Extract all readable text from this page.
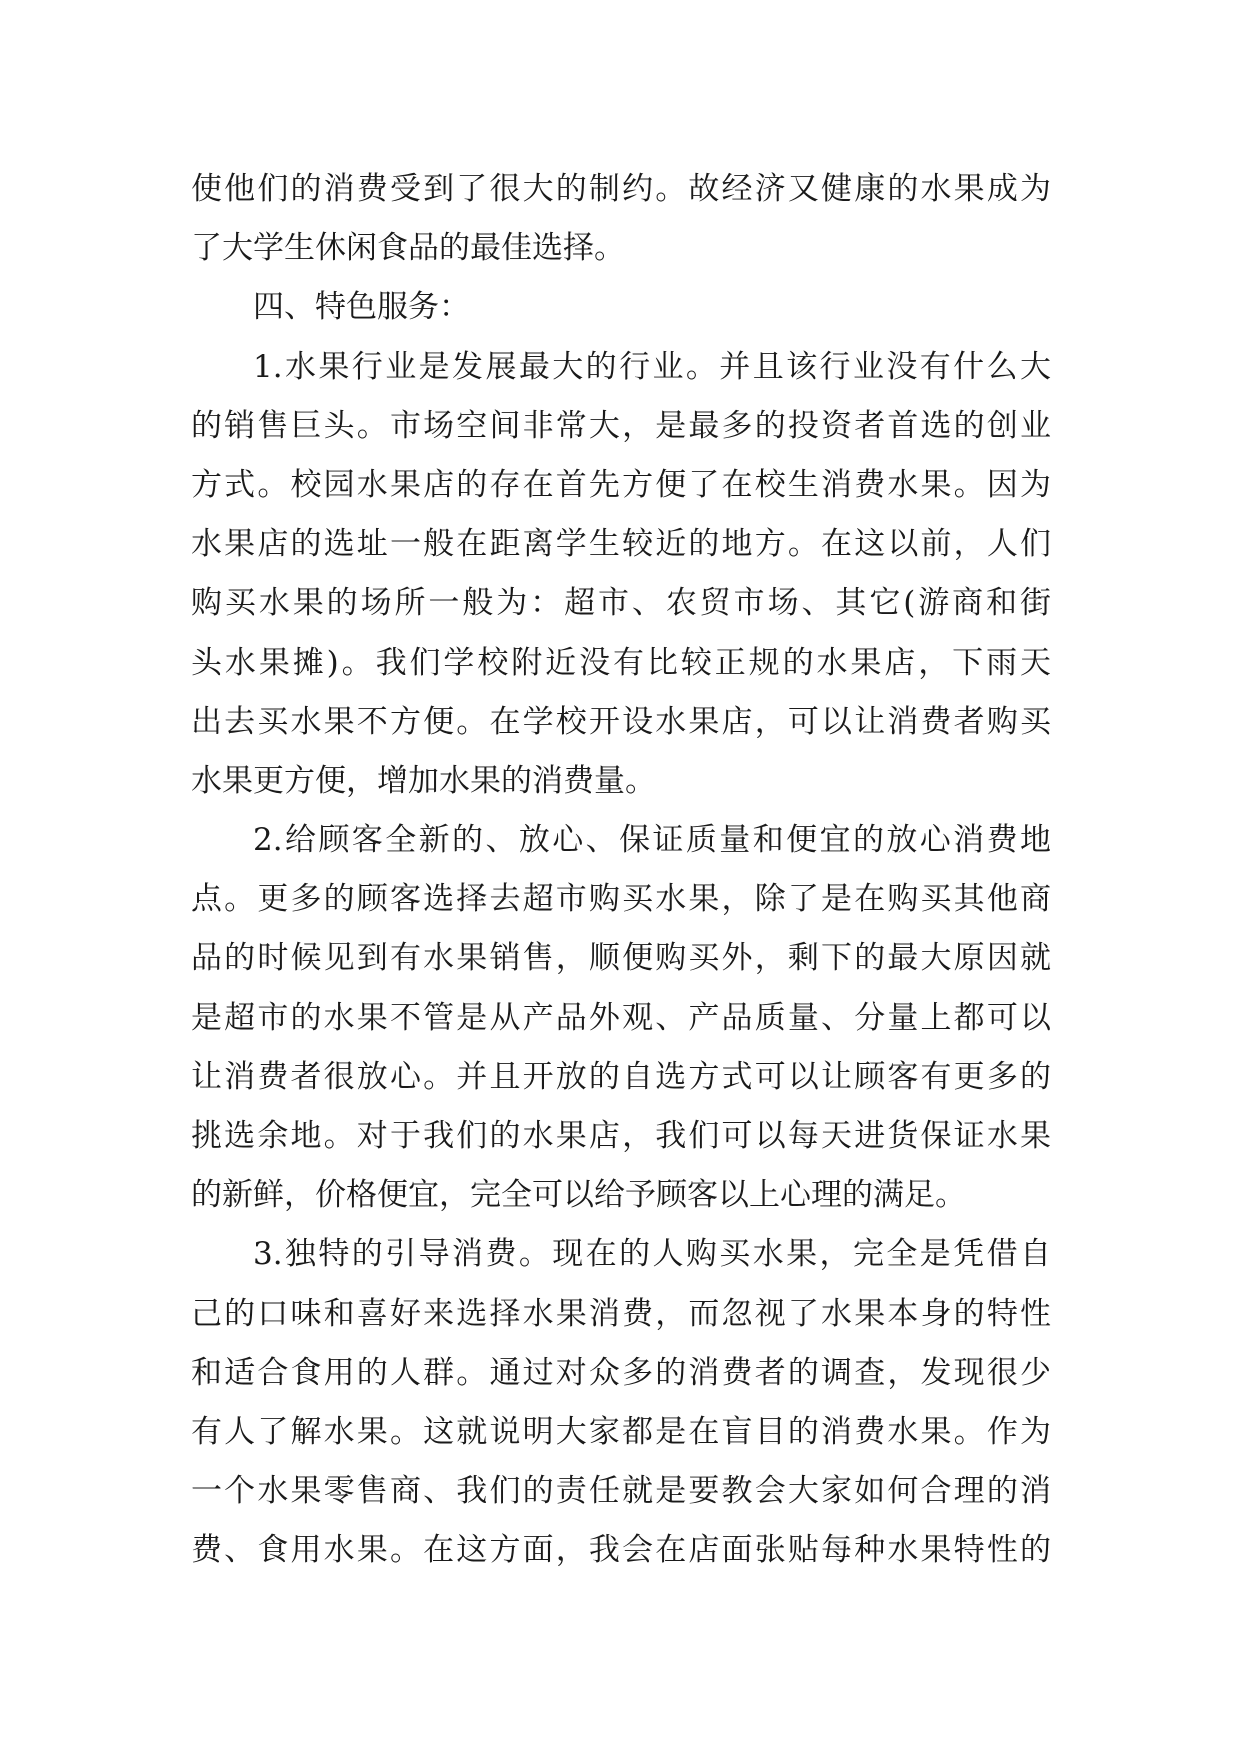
使他们的消费受到了很大的制约。故经济又健康的水果成为
了大学生休闲食品的最佳选择。
四、特色服务：
1.水果行业是发展最大的行业。并且该行业没有什么大
的销售巨头。市场空间非常大，是最多的投资者首选的创业
方式。校园水果店的存在首先方便了在校生消费水果。因为
水果店的选址一般在距离学生较近的地方。在这以前，人们
购买水果的场所一般为：超市、农贸市场、其它(游商和街
头水果摊)。我们学校附近没有比较正规的水果店，下雨天
出去买水果不方便。在学校开设水果店，可以让消费者购买
水果更方便，增加水果的消费量。
2.给顾客全新的、放心、保证质量和便宜的放心消费地
点。更多的顾客选择去超市购买水果，除了是在购买其他商
品的时候见到有水果销售，顺便购买外，剩下的最大原因就
是超市的水果不管是从产品外观、产品质量、分量上都可以
让消费者很放心。并且开放的自选方式可以让顾客有更多的
挑选余地。对于我们的水果店，我们可以每天进货保证水果
的新鲜，价格便宜，完全可以给予顾客以上心理的满足。
3.独特的引导消费。现在的人购买水果，完全是凭借自
己的口味和喜好来选择水果消费，而忽视了水果本身的特性
和适合食用的人群。通过对众多的消费者的调查，发现很少
有人了解水果。这就说明大家都是在盲目的消费水果。作为
一个水果零售商、我们的责任就是要教会大家如何合理的消
费、食用水果。在这方面，我会在店面张贴每种水果特性的
